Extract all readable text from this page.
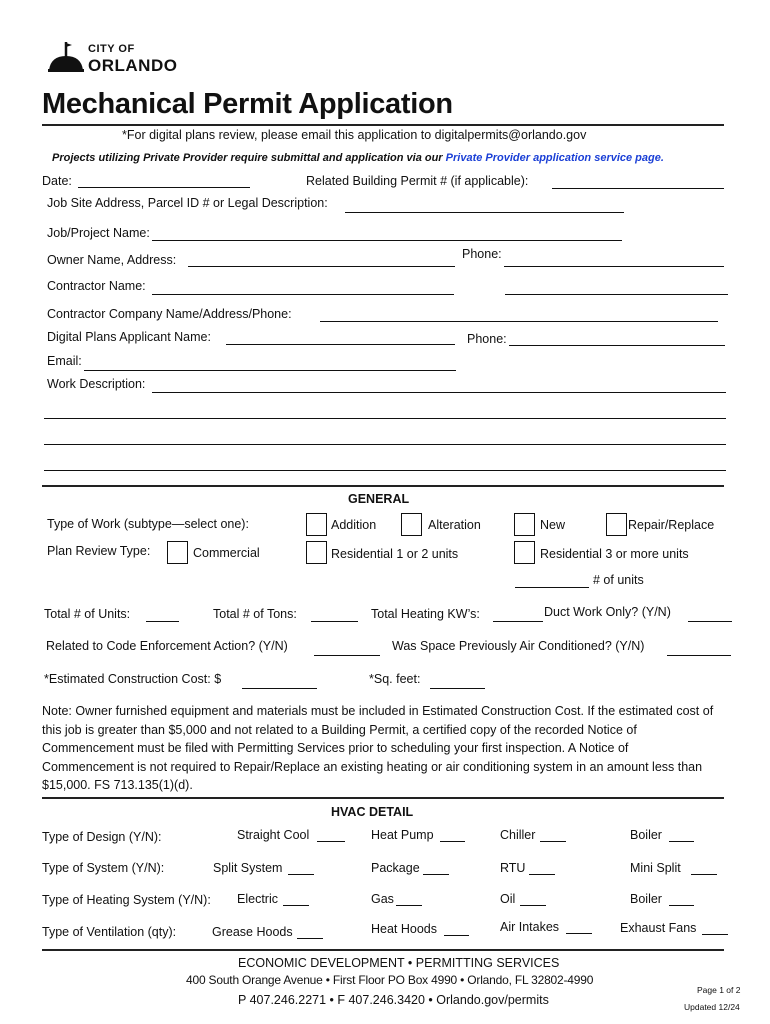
CITY OF
ORLANDO
Mechanical Permit Application
*For digital plans review, please email this application to digitalpermits@orlando.gov
Projects utilizing Private Provider require submittal and application via our Private Provider application service page.
Date:	Related Building Permit # (if applicable):
Job Site Address, Parcel ID # or Legal Description:
Job/Project Name:
Owner Name, Address:	Phone:
Contractor Name:
Contractor Company Name/Address/Phone:
Digital Plans Applicant Name:	Phone:
Email:
Work Description:
GENERAL
Type of Work (subtype—select one):	Addition	Alteration	New	Repair/Replace
Plan Review Type:	Commercial	Residential 1 or 2 units	Residential 3 or more units
# of units
Total # of Units:	Total # of Tons:	Total Heating KW’s:	Duct Work Only? (Y/N)
Related to Code Enforcement Action? (Y/N)	Was Space Previously Air Conditioned? (Y/N)
*Estimated Construction Cost: $	*Sq. feet:
Note: Owner furnished equipment and materials must be included in Estimated Construction Cost. If the estimated cost of this job is greater than $5,000 and not related to a Building Permit, a certified copy of the recorded Notice of Commencement must be filed with Permitting Services prior to scheduling your first inspection. A Notice of Commencement is not required to Repair/Replace an existing heating or air conditioning system in an amount less than $15,000. FS 713.135(1)(d).
HVAC DETAIL
Type of Design (Y/N):	Straight Cool	Heat Pump	Chiller	Boiler
Type of System (Y/N):	Split System	Package	RTU	Mini Split
Type of Heating System (Y/N): Electric	Gas	Oil	Boiler
Type of Ventilation (qty):	Grease Hoods	Heat Hoods	Air Intakes	Exhaust Fans
ECONOMIC DEVELOPMENT • PERMITTING SERVICES
400 South Orange Avenue • First Floor PO Box 4990 • Orlando, FL 32802-4990
P 407.246.2271 • F 407.246.3420 • Orlando.gov/permits
Page 1 of 2
Updated 12/24
